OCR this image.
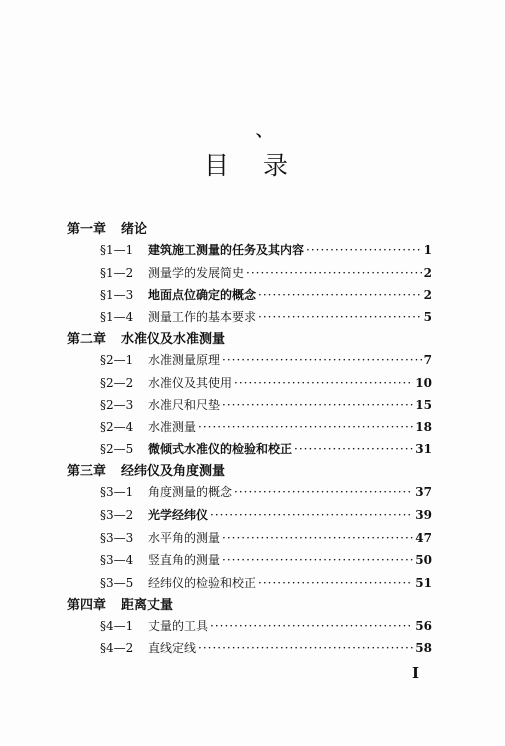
、
目录
第一章 绪论
§1—1	建筑施工测量的任务及其内容 ·····	1
§1—2	测量学的发展简史 ·····	2
§1—3	地面点位确定的概念 ·····	2
§1—4	测量工作的基本要求 ·····	5
第二章 水准仪及水准测量
§2—1	水准测量原理 ·····	7
§2—2	水准仪及其使用 ·····	10
§2—3	水准尺和尺垫 ·····	15
§2—4	水准测量 ·····	18
§2—5	微倾式水准仪的检验和校正 ·····	31
第三章 经纬仪及角度测量
§3—1	角度测量的概念 ·····	37
§3—2	光学经纬仪 ·····	39
§3—3	水平角的测量 ·····	47
§3—4	竖直角的测量 ·····	50
§3—5	经纬仪的检验和校正 ·····	51
第四章 距离丈量
§4—1	丈量的工具 ·····	56
§4—2	直线定线 ·····	58
I
